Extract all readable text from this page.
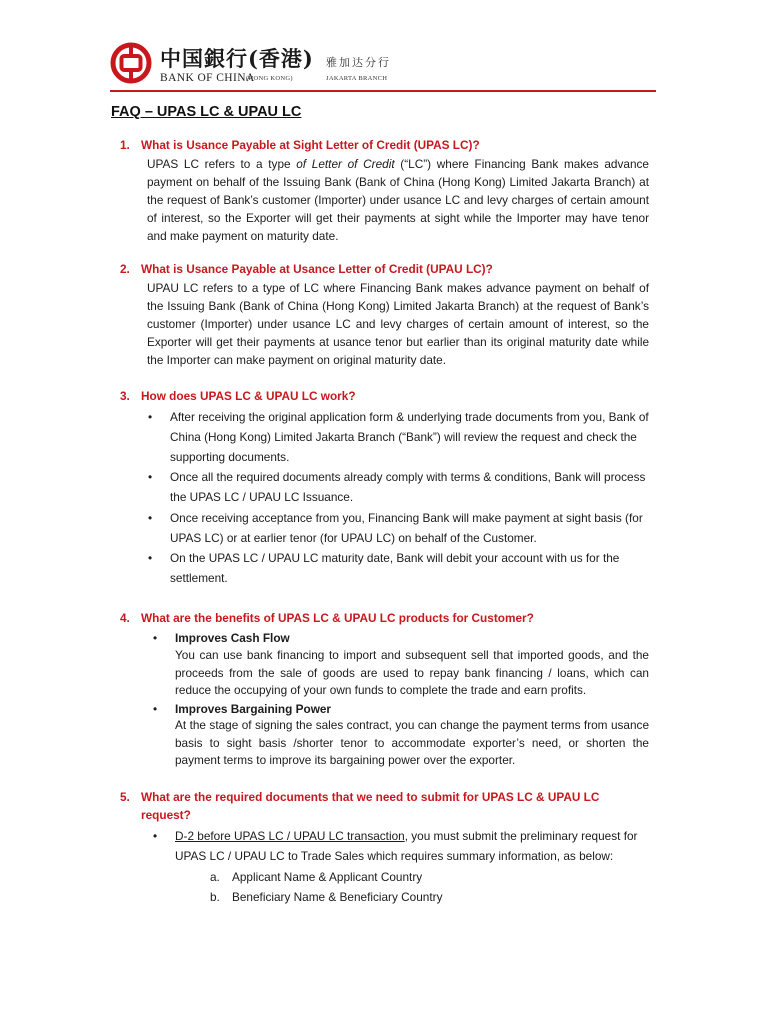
中国銀行(香港) 雅加达分行
BANK OF CHINA
(HONG KONG)	JAKARTA BRANCH
FAQ – UPAS LC & UPAU LC
1. What is Usance Payable at Sight Letter of Credit (UPAS LC)?
UPAS LC refers to a type of Letter of Credit (“LC”) where Financing Bank makes advance payment on behalf of the Issuing Bank (Bank of China (Hong Kong) Limited Jakarta Branch) at the request of Bank’s customer (Importer) under usance LC and levy charges of certain amount of interest, so the Exporter will get their payments at sight while the Importer may have tenor and make payment on maturity date.
2. What is Usance Payable at Usance Letter of Credit (UPAU LC)?
UPAU LC refers to a type of LC where Financing Bank makes advance payment on behalf of the Issuing Bank (Bank of China (Hong Kong) Limited Jakarta Branch) at the request of Bank’s customer (Importer) under usance LC and levy charges of certain amount of interest, so the Exporter will get their payments at usance tenor but earlier than its original maturity date while the Importer can make payment on original maturity date.
3. How does UPAS LC & UPAU LC work?
• After receiving the original application form & underlying trade documents from you, Bank of China (Hong Kong) Limited Jakarta Branch (“Bank”) will review the request and check the supporting documents.
• Once all the required documents already comply with terms & conditions, Bank will process the UPAS LC / UPAU LC Issuance.
• Once receiving acceptance from you, Financing Bank will make payment at sight basis (for UPAS LC) or at earlier tenor (for UPAU LC) on behalf of the Customer.
• On the UPAS LC / UPAU LC maturity date, Bank will debit your account with us for the settlement.
4. What are the benefits of UPAS LC & UPAU LC products for Customer?
• Improves Cash Flow
You can use bank financing to import and subsequent sell that imported goods, and the proceeds from the sale of goods are used to repay bank financing / loans, which can reduce the occupying of your own funds to complete the trade and earn profits.
• Improves Bargaining Power
At the stage of signing the sales contract, you can change the payment terms from usance basis to sight basis /shorter tenor to accommodate exporter’s need, or shorten the payment terms to improve its bargaining power over the exporter.
5. What are the required documents that we need to submit for UPAS LC & UPAU LC request?
• D-2 before UPAS LC / UPAU LC transaction, you must submit the preliminary request for UPAS LC / UPAU LC to Trade Sales which requires summary information, as below:
a. Applicant Name & Applicant Country
b. Beneficiary Name & Beneficiary Country
